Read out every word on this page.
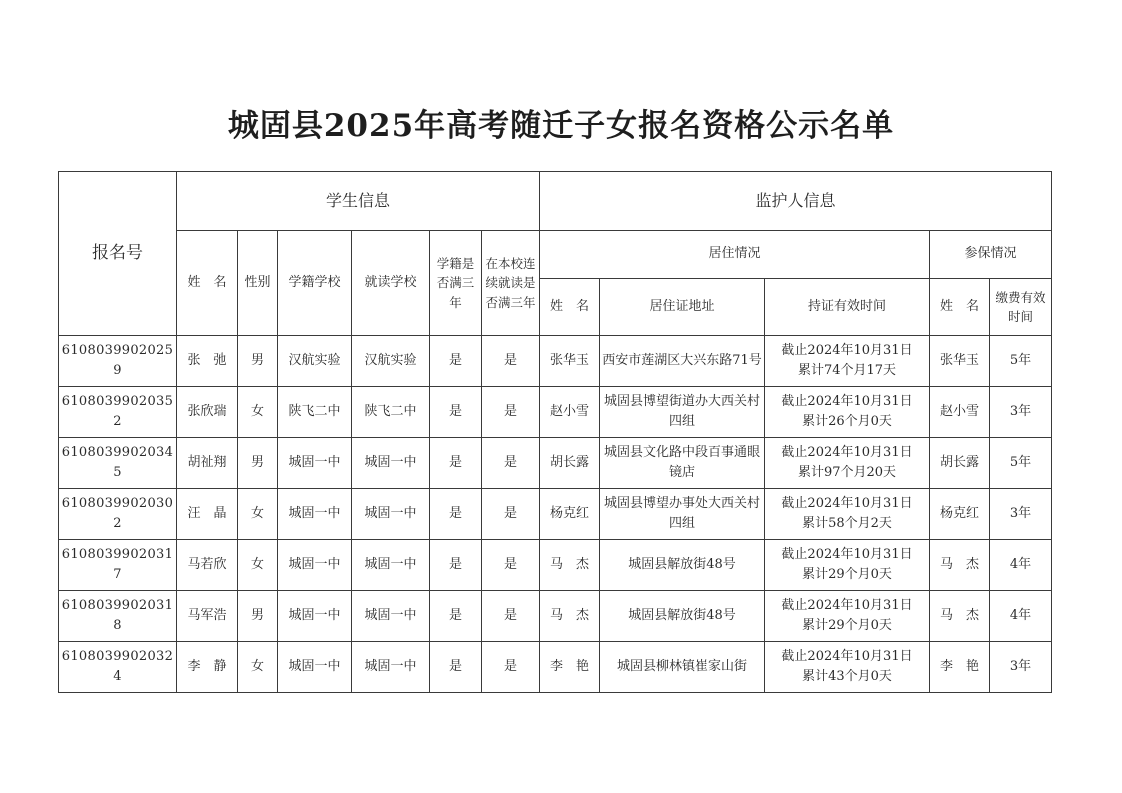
城固县2025年高考随迁子女报名资格公示名单
报名号	学生信息						监护人信息				
	姓　名	性别	学籍学校	就读学校	学籍是否满三年	在本校连续就读是否满三年	居住情况			参保情况	
							姓　名	居住证地址	持证有效时间	姓　名	缴费有效时间
61080399020259	张　弛	男	汉航实验	汉航实验	是	是	张华玉	西安市莲湖区大兴东路71号	截止2024年10月31日
累计74个月17天	张华玉	5年
61080399020352	张欣瑞	女	陕飞二中	陕飞二中	是	是	赵小雪	城固县博望街道办大西关村四组	截止2024年10月31日
累计26个月0天	赵小雪	3年
61080399020345	胡祉翔	男	城固一中	城固一中	是	是	胡长露	城固县文化路中段百事通眼镜店	截止2024年10月31日
累计97个月20天	胡长露	5年
61080399020302	汪　晶	女	城固一中	城固一中	是	是	杨克红	城固县博望办事处大西关村四组	截止2024年10月31日
累计58个月2天	杨克红	3年
61080399020317	马若欣	女	城固一中	城固一中	是	是	马　杰	城固县解放街48号	截止2024年10月31日
累计29个月0天	马　杰	4年
61080399020318	马军浩	男	城固一中	城固一中	是	是	马　杰	城固县解放街48号	截止2024年10月31日
累计29个月0天	马　杰	4年
61080399020324	李　静	女	城固一中	城固一中	是	是	李　艳	城固县柳林镇崔家山街	截止2024年10月31日
累计43个月0天	李　艳	3年
